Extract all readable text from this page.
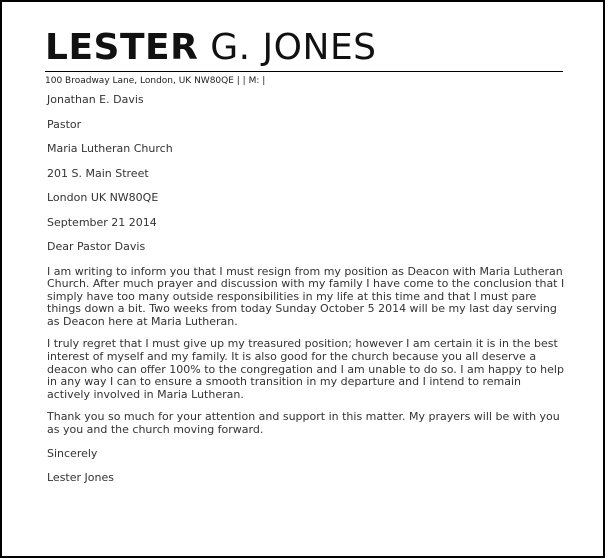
LESTER G. JONES
100 Broadway Lane, London, UK NW80QE | | M: |
Jonathan E. Davis
Pastor
Maria Lutheran Church
201 S. Main Street
London UK NW80QE
September 21 2014
Dear Pastor Davis

I am writing to inform you that I must resign from my position as Deacon with Maria Lutheran Church. After much prayer and discussion with my family I have come to the conclusion that I simply have too many outside responsibilities in my life at this time and that I must pare things down a bit. Two weeks from today Sunday October 5 2014 will be my last day serving as Deacon here at Maria Lutheran.

I truly regret that I must give up my treasured position; however I am certain it is in the best interest of myself and my family. It is also good for the church because you all deserve a deacon who can offer 100% to the congregation and I am unable to do so. I am happy to help in any way I can to ensure a smooth transition in my departure and I intend to remain actively involved in Maria Lutheran.

Thank you so much for your attention and support in this matter. My prayers will be with you as you and the church moving forward.

Sincerely
Lester Jones
